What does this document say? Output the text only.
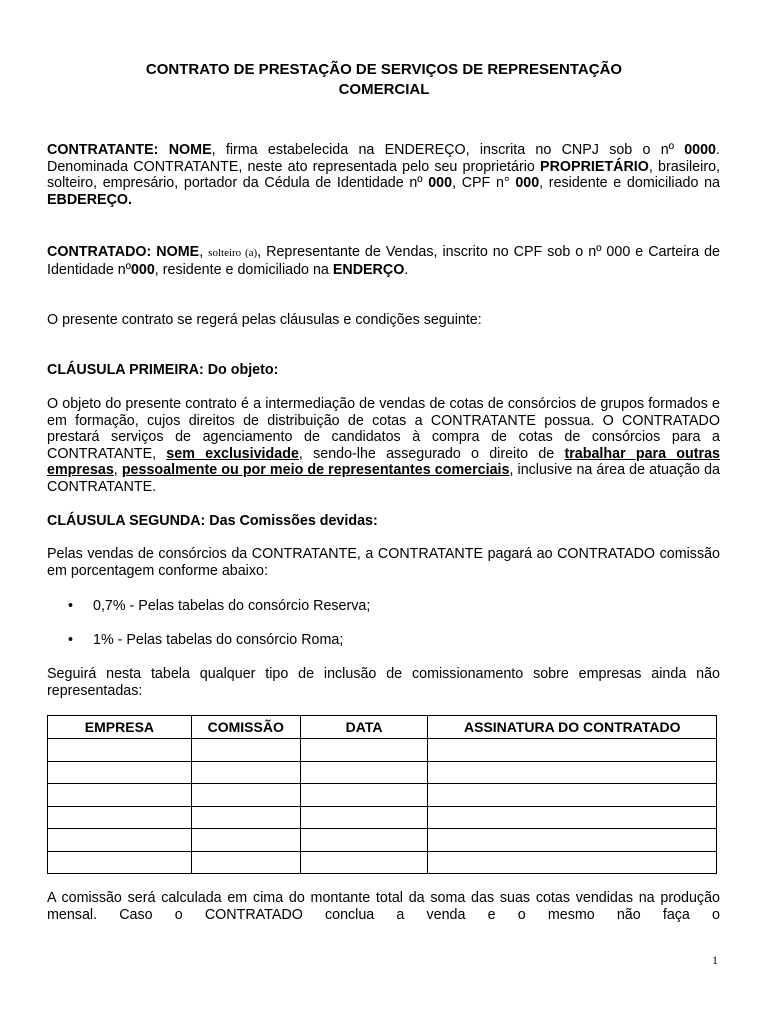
CONTRATO DE PRESTAÇÃO DE SERVIÇOS DE REPRESENTAÇÃO
COMERCIAL
CONTRATANTE: NOME, firma estabelecida na ENDEREÇO, inscrita no CNPJ sob o nº 0000. Denominada CONTRATANTE, neste ato representada pelo seu proprietário PROPRIETÁRIO, brasileiro, solteiro, empresário, portador da Cédula de Identidade nº 000, CPF n° 000, residente e domiciliado na EBDEREÇO.
CONTRATADO: NOME, solteiro (a), Representante de Vendas, inscrito no CPF sob o nº 000 e Carteira de Identidade nº000, residente e domiciliado na ENDERÇO.
O presente contrato se regerá pelas cláusulas e condições seguinte:
CLÁUSULA PRIMEIRA: Do objeto:
O objeto do presente contrato é a intermediação de vendas de cotas de consórcios de grupos formados e em formação, cujos direitos de distribuição de cotas a CONTRATANTE possua. O CONTRATADO prestará serviços de agenciamento de candidatos à compra de cotas de consórcios para a CONTRATANTE, sem exclusividade, sendo-lhe assegurado o direito de trabalhar para outras empresas, pessoalmente ou por meio de representantes comerciais, inclusive na área de atuação da CONTRATANTE.
CLÁUSULA SEGUNDA: Das Comissões devidas:
Pelas vendas de consórcios da CONTRATANTE, a CONTRATANTE pagará ao CONTRATADO comissão em porcentagem conforme abaixo:
• 0,7% - Pelas tabelas do consórcio Reserva;
• 1% - Pelas tabelas do consórcio Roma;
Seguirá nesta tabela qualquer tipo de inclusão de comissionamento sobre empresas ainda não representadas:
EMPRESA	COMISSÃO	DATA	ASSINATURA DO CONTRATADO

A comissão será calculada em cima do montante total da soma das suas cotas vendidas na produção mensal. Caso o CONTRATADO conclua a venda e o mesmo não faça o
1
